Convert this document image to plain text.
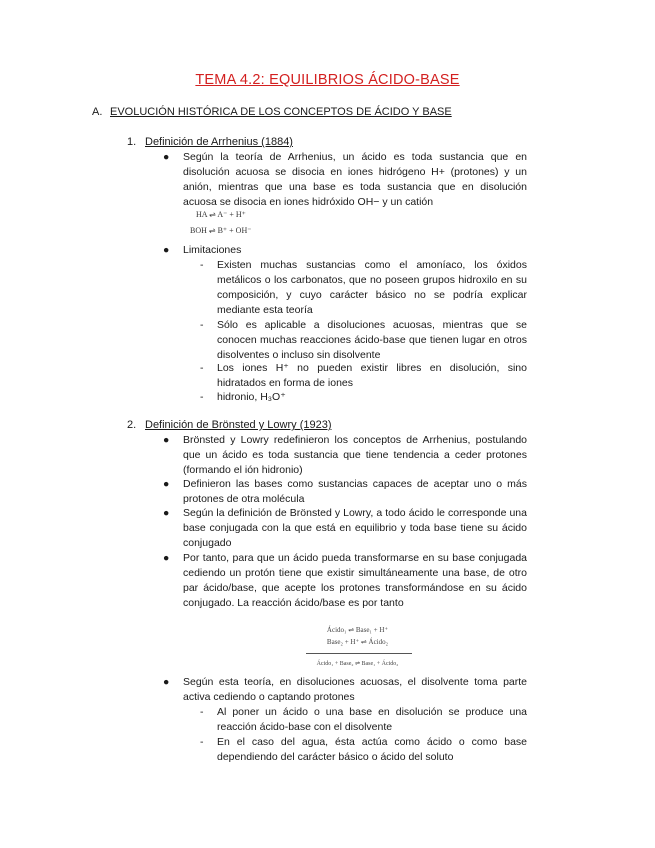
TEMA 4.2: EQUILIBRIOS ÁCIDO-BASE
A. EVOLUCIÓN HISTÓRICA DE LOS CONCEPTOS DE ÁCIDO Y BASE
1. Definición de Arrhenius (1884)
● Según la teoría de Arrhenius, un ácido es toda sustancia que en disolución acuosa se disocia en iones hidrógeno H+ (protones) y un anión, mientras que una base es toda sustancia que en disolución acuosa se disocia en iones hidróxido OH− y un catión
HA ⇌ A⁻ + H⁺
BOH ⇌ B⁺ + OH⁻
● Limitaciones
- Existen muchas sustancias como el amoníaco, los óxidos metálicos o los carbonatos, que no poseen grupos hidroxilo en su composición, y cuyo carácter básico no se podría explicar mediante esta teoría
- Sólo es aplicable a disoluciones acuosas, mientras que se conocen muchas reacciones ácido-base que tienen lugar en otros disolventes o incluso sin disolvente
- Los iones H⁺ no pueden existir libres en disolución, sino hidratados en forma de iones
- hidronio, H₃O⁺
2. Definición de Brönsted y Lowry (1923)
● Brönsted y Lowry redefinieron los conceptos de Arrhenius, postulando que un ácido es toda sustancia que tiene tendencia a ceder protones (formando el ión hidronio)
● Definieron las bases como sustancias capaces de aceptar uno o más protones de otra molécula
● Según la definición de Brönsted y Lowry, a todo ácido le corresponde una base conjugada con la que está en equilibrio y toda base tiene su ácido conjugado
● Por tanto, para que un ácido pueda transformarse en su base conjugada cediendo un protón tiene que existir simultáneamente una base, de otro par ácido/base, que acepte los protones transformándose en su ácido conjugado. La reacción ácido/base es por tanto
Ácido₁ ⇌ Base₁ + H⁺
Base₂ + H⁺ ⇌ Ácido₂
Ácido₁ + Base₂ ⇌ Base₁ + Ácido₂
● Según esta teoría, en disoluciones acuosas, el disolvente toma parte activa cediendo o captando protones
- Al poner un ácido o una base en disolución se produce una reacción ácido-base con el disolvente
- En el caso del agua, ésta actúa como ácido o como base dependiendo del carácter básico o ácido del soluto
